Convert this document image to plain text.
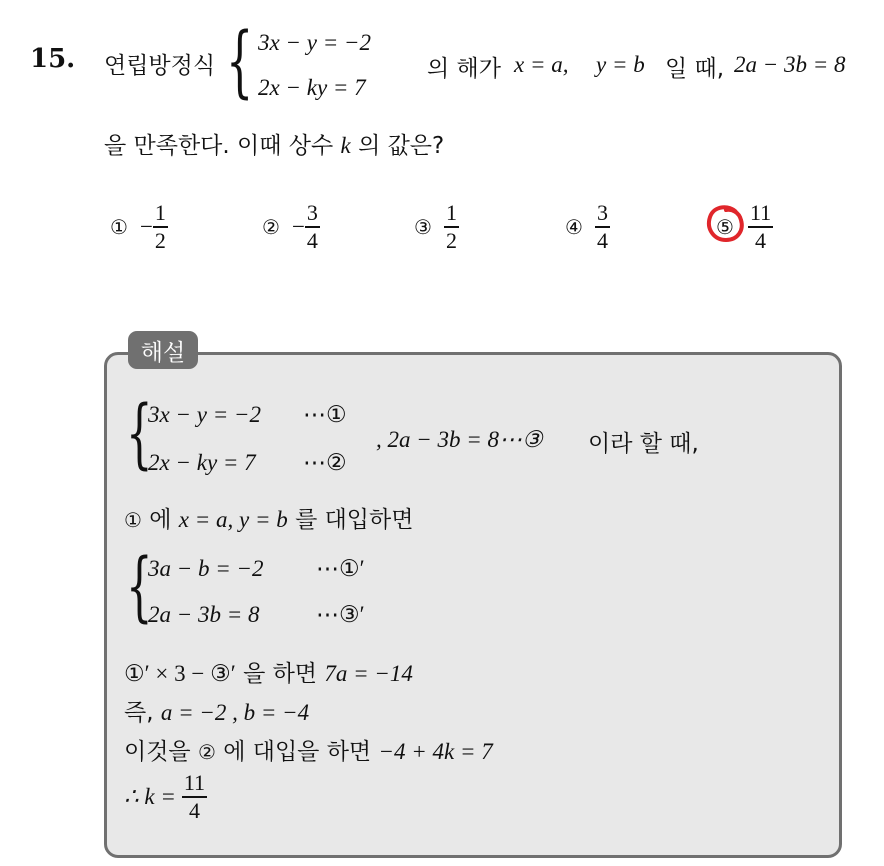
15. 연립방정식 { 3x − y = −2
2x − ky = 7
의 해가 x = a, y = b 일 때, 2a − 3b = 8
을 만족한다. 이때 상수 k 의 값은?
① − $\frac{1}{2}$	② − $\frac{3}{4}$	③ $\frac{1}{2}$	④ $\frac{3}{4}$	⑤ $\frac{11}{4}$
해설
{
3x − y = −2 ⋯①
2x − ky = 7 ⋯②
, 2a − 3b = 8⋯③ 이라 할 때,
① 에 x = a, y = b 를 대입하면
{
3a − b = −2 ⋯①′
2a − 3b = 8 ⋯③′
①′ × 3 − ③′ 을 하면 7a = −14
즉, a = −2 , b = −4
이것을 ② 에 대입을 하면 −4 + 4k = 7
∴ $k = \frac{11}{4}$
